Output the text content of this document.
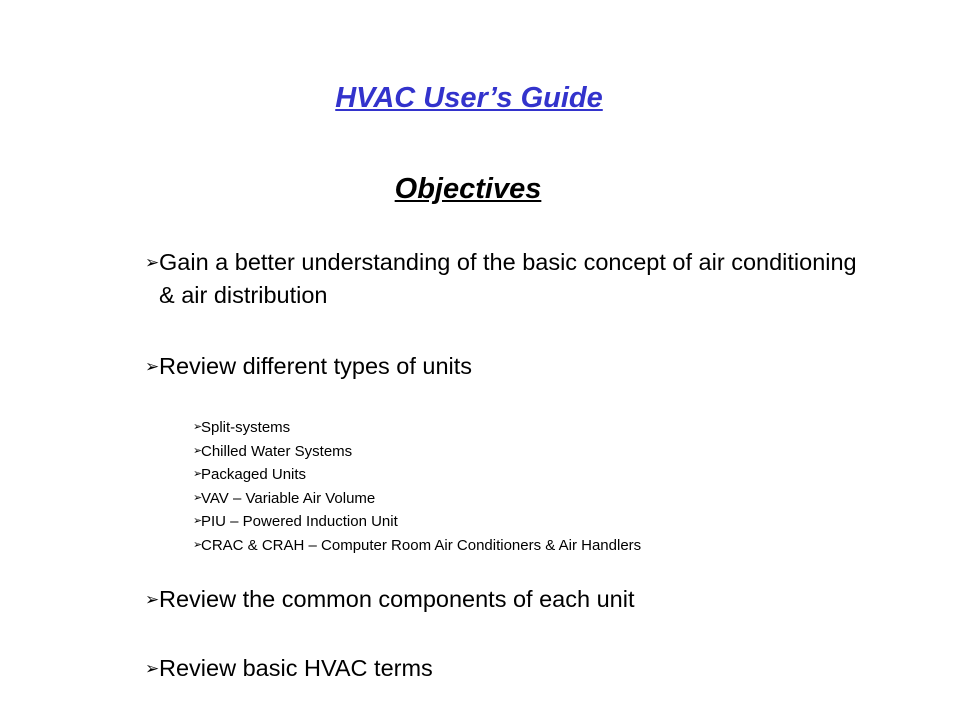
HVAC User’s Guide
Objectives

➢ Gain a better understanding of the basic concept of air conditioning & air distribution

➢ Review different types of units

➢
Split-systems

➢
Chilled Water Systems

➢
Packaged Units

➢
VAV – Variable Air Volume

➢
PIU – Powered Induction Unit

➢
CRAC & CRAH – Computer Room Air Conditioners & Air Handlers

➢ Review the common components of each unit

➢ Review basic HVAC terms
